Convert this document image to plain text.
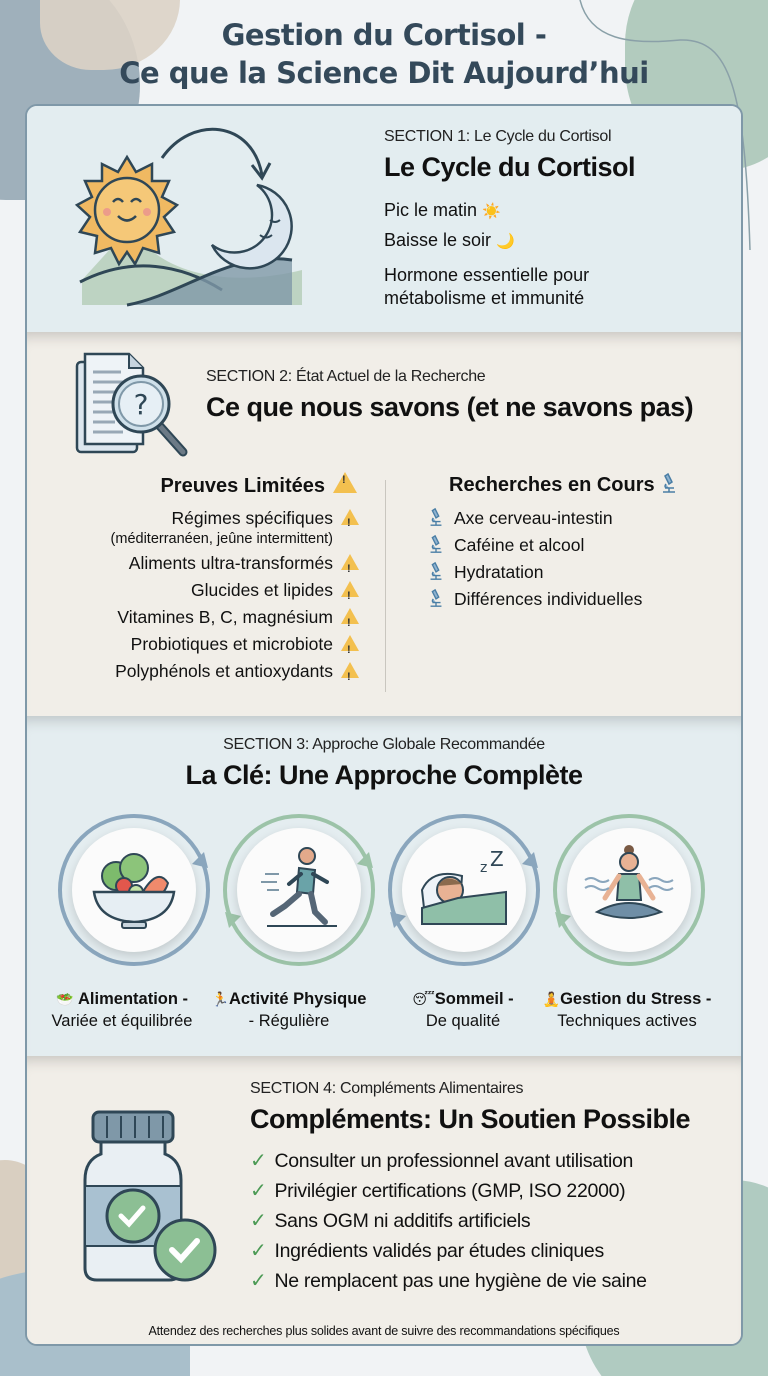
Gestion du Cortisol -
Ce que la Science Dit Aujourd’hui
SECTION 1: Le Cycle du Cortisol
Le Cycle du Cortisol
Pic le matin ☀️
Baisse le soir 🌙
Hormone essentielle pour
métabolisme et immunité
?
SECTION 2: État Actuel de la Recherche
Ce que nous savons (et ne savons pas)
Preuves Limitées!
Régimes spécifiques!
(méditerranéen, jeûne intermittent)
Aliments ultra-transformés!
Glucides et lipides!
Vitamines B, C, magnésium!
Probiotiques et microbiote!
Polyphénols et antioxydants!
Recherches en Cours
Axe cerveau-intestin
Caféine et alcool
Hydratation
Différences individuelles
SECTION 3: Approche Globale Recommandée
La Clé: Une Approche Complète
z Z
🥗 Alimentation -
Variée et équilibrée
🏃Activité Physique
- Régulière
😴Sommeil -
De qualité
🧘Gestion du Stress -
Techniques actives
SECTION 4: Compléments Alimentaires
Compléments: Un Soutien Possible
✓ Consulter un professionnel avant utilisation
✓ Privilégier certifications (GMP, ISO 22000)
✓ Sans OGM ni additifs artificiels
✓ Ingrédients validés par études cliniques
✓ Ne remplacent pas une hygiène de vie saine
Attendez des recherches plus solides avant de suivre des recommandations spécifiques
